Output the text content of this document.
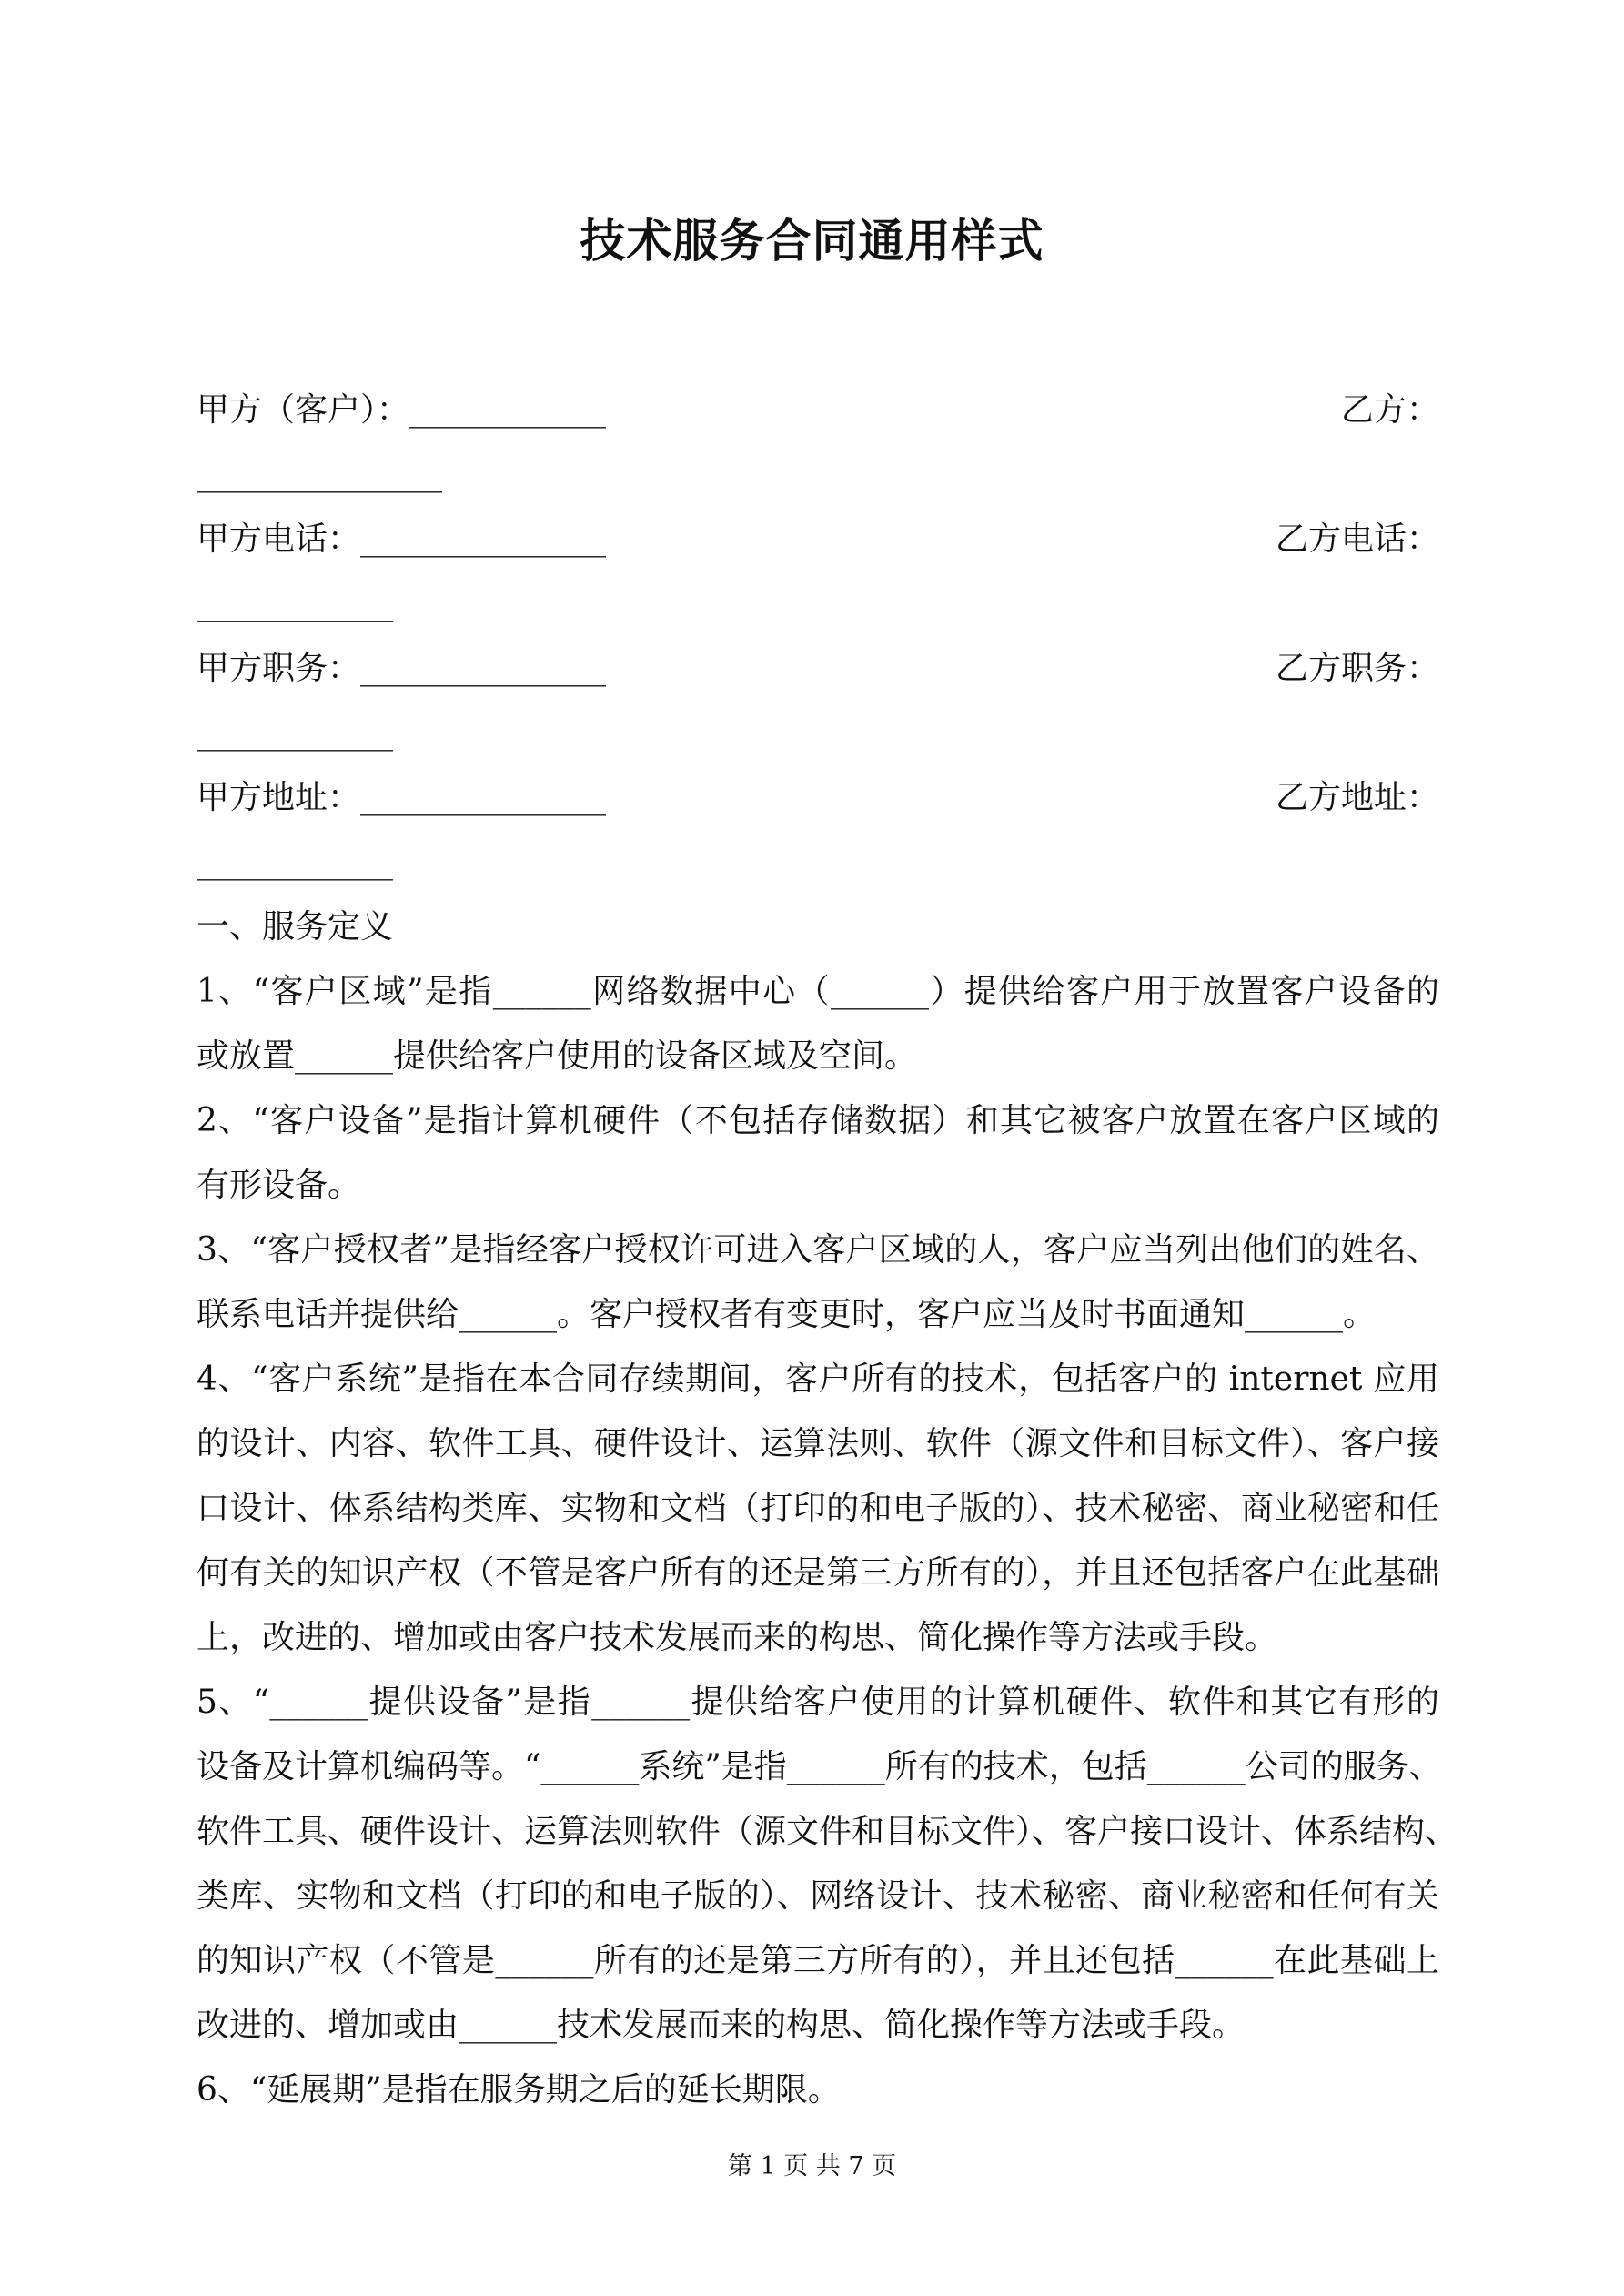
技术服务合同通用样式
甲方（客户）：____________	乙方：
_______________
甲方电话：_______________	乙方电话：
____________
甲方职务：_______________	乙方职务：
____________
甲方地址：_______________	乙方地址：
____________
一、服务定义
1、“客户区域”是指______网络数据中心（______）提供给客户用于放置客户设备的
或放置______提供给客户使用的设备区域及空间。
2、“客户设备”是指计算机硬件（不包括存储数据）和其它被客户放置在客户区域的
有形设备。
3、“客户授权者”是指经客户授权许可进入客户区域的人，客户应当列出他们的姓名、
联系电话并提供给______。客户授权者有变更时，客户应当及时书面通知______。
4、“客户系统”是指在本合同存续期间，客户所有的技术，包括客户的 internet 应用
的设计、内容、软件工具、硬件设计、运算法则、软件（源文件和目标文件）、客户接
口设计、体系结构类库、实物和文档（打印的和电子版的）、技术秘密、商业秘密和任
何有关的知识产权（不管是客户所有的还是第三方所有的），并且还包括客户在此基础
上，改进的、增加或由客户技术发展而来的构思、简化操作等方法或手段。
5、“______提供设备”是指______提供给客户使用的计算机硬件、软件和其它有形的
设备及计算机编码等。“______系统”是指______所有的技术，包括______公司的服务、
软件工具、硬件设计、运算法则软件（源文件和目标文件）、客户接口设计、体系结构、
类库、实物和文档（打印的和电子版的）、网络设计、技术秘密、商业秘密和任何有关
的知识产权（不管是______所有的还是第三方所有的），并且还包括______在此基础上
改进的、增加或由______技术发展而来的构思、简化操作等方法或手段。
6、“延展期”是指在服务期之后的延长期限。
第 1 页 共 7 页
